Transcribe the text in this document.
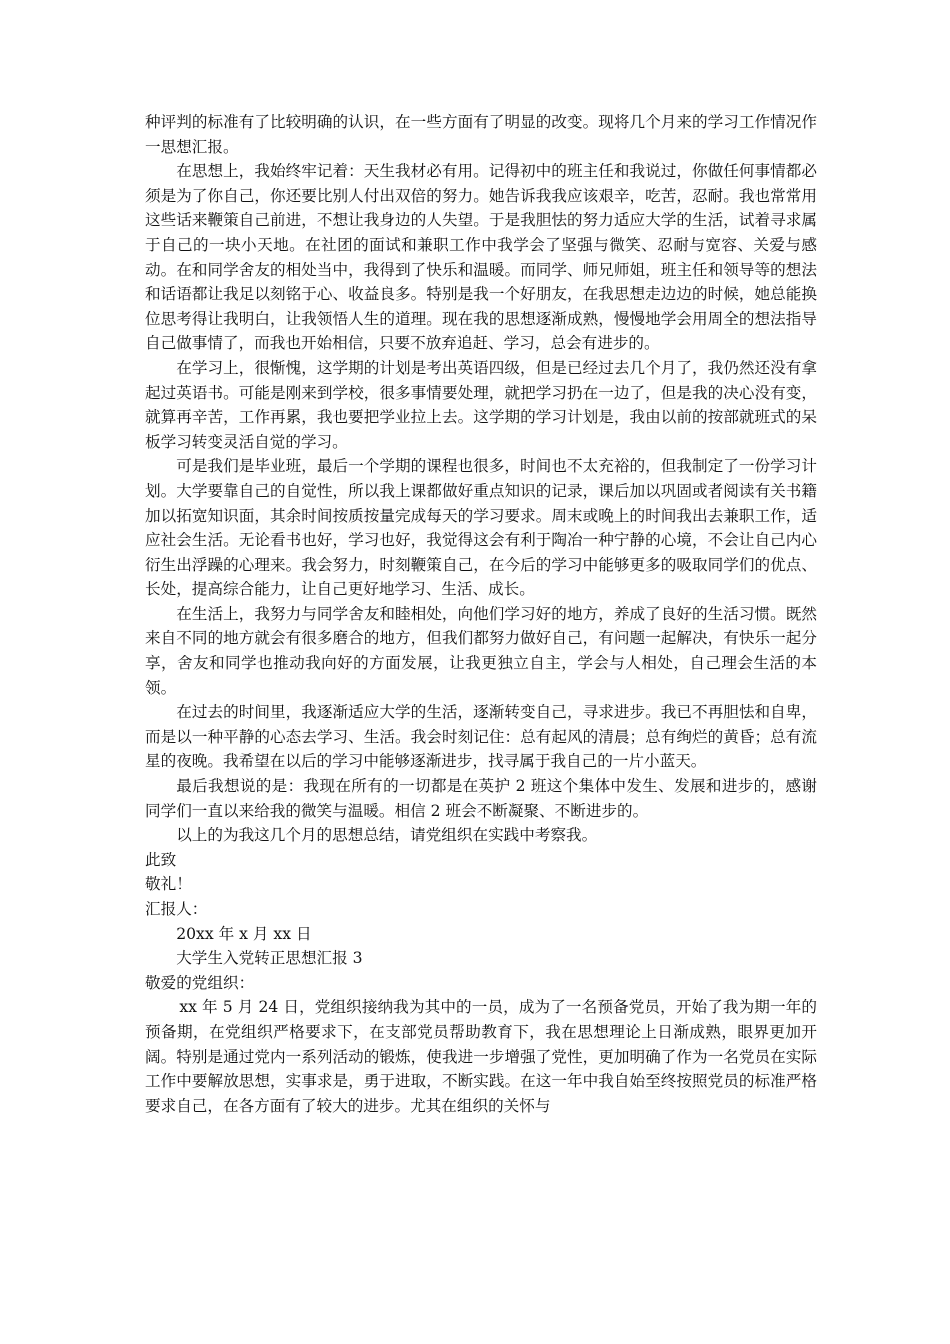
种评判的标准有了比较明确的认识，在一些方面有了明显的改变。现将几个月来的学习工作情况作一思想汇报。

在思想上，我始终牢记着：天生我材必有用。记得初中的班主任和我说过，你做任何事情都必须是为了你自己，你还要比别人付出双倍的努力。她告诉我我应该艰辛，吃苦，忍耐。我也常常用这些话来鞭策自己前进，不想让我身边的人失望。于是我胆怯的努力适应大学的生活，试着寻求属于自己的一块小天地。在社团的面试和兼职工作中我学会了坚强与微笑、忍耐与宽容、关爱与感动。在和同学舍友的相处当中，我得到了快乐和温暖。而同学、师兄师姐，班主任和领导等的想法和话语都让我足以刻铭于心、收益良多。特别是我一个好朋友，在我思想走边边的时候，她总能换位思考得让我明白，让我领悟人生的道理。现在我的思想逐渐成熟，慢慢地学会用周全的想法指导自己做事情了，而我也开始相信，只要不放弃追赶、学习，总会有进步的。

在学习上，很惭愧，这学期的计划是考出英语四级，但是已经过去几个月了，我仍然还没有拿起过英语书。可能是刚来到学校，很多事情要处理，就把学习扔在一边了，但是我的决心没有变，就算再辛苦，工作再累，我也要把学业拉上去。这学期的学习计划是，我由以前的按部就班式的呆板学习转变灵活自觉的学习。

可是我们是毕业班，最后一个学期的课程也很多，时间也不太充裕的，但我制定了一份学习计划。大学要靠自己的自觉性，所以我上课都做好重点知识的记录，课后加以巩固或者阅读有关书籍加以拓宽知识面，其余时间按质按量完成每天的学习要求。周末或晚上的时间我出去兼职工作，适应社会生活。无论看书也好，学习也好，我觉得这会有利于陶冶一种宁静的心境，不会让自己内心衍生出浮躁的心理来。我会努力，时刻鞭策自己，在今后的学习中能够更多的吸取同学们的优点、长处，提高综合能力，让自己更好地学习、生活、成长。

在生活上，我努力与同学舍友和睦相处，向他们学习好的地方，养成了良好的生活习惯。既然来自不同的地方就会有很多磨合的地方，但我们都努力做好自己，有问题一起解决，有快乐一起分享，舍友和同学也推动我向好的方面发展，让我更独立自主，学会与人相处，自己理会生活的本领。

在过去的时间里，我逐渐适应大学的生活，逐渐转变自己，寻求进步。我已不再胆怯和自卑，而是以一种平静的心态去学习、生活。我会时刻记住：总有起风的清晨；总有绚烂的黄昏；总有流星的夜晚。我希望在以后的学习中能够逐渐进步，找寻属于我自己的一片小蓝天。

最后我想说的是：我现在所有的一切都是在英护 2 班这个集体中发生、发展和进步的，感谢同学们一直以来给我的微笑与温暖。相信 2 班会不断凝聚、不断进步的。

以上的为我这几个月的思想总结，请党组织在实践中考察我。

此致

敬礼！

汇报人：

20xx 年 x 月 xx 日

大学生入党转正思想汇报 3

敬爱的党组织：

xx 年 5 月 24 日，党组织接纳我为其中的一员，成为了一名预备党员，开始了我为期一年的预备期，在党组织严格要求下，在支部党员帮助教育下，我在思想理论上日渐成熟，眼界更加开阔。特别是通过党内一系列活动的锻炼，使我进一步增强了党性，更加明确了作为一名党员在实际工作中要解放思想，实事求是，勇于进取，不断实践。在这一年中我自始至终按照党员的标准严格要求自己，在各方面有了较大的进步。尤其在组织的关怀与
